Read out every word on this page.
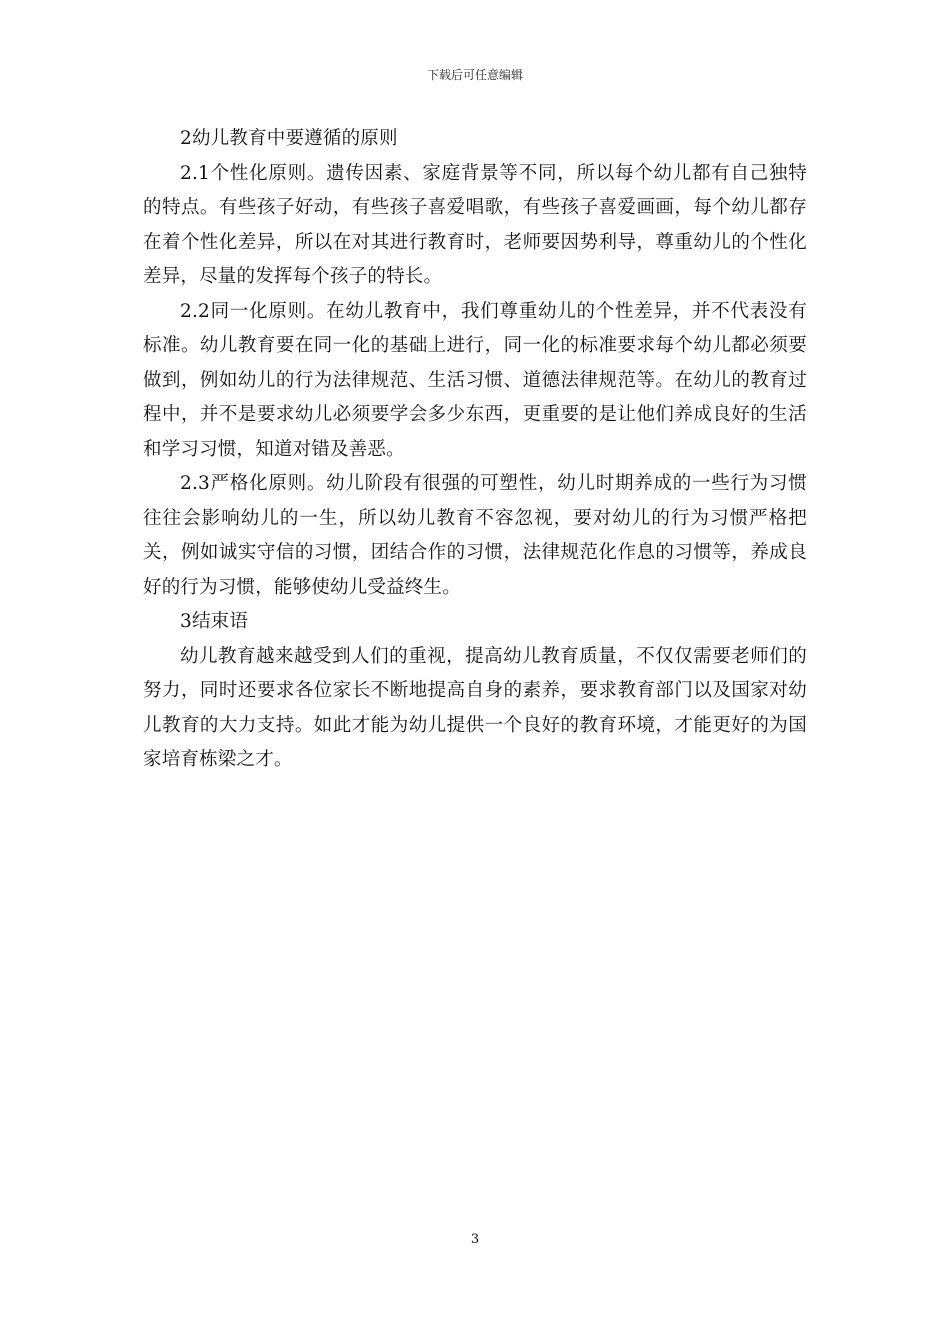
下载后可任意编辑

2幼儿教育中要遵循的原则

2.1个性化原则。遗传因素、家庭背景等不同，所以每个幼儿都有自己独特的特点。有些孩子好动，有些孩子喜爱唱歌，有些孩子喜爱画画，每个幼儿都存在着个性化差异，所以在对其进行教育时，老师要因势利导，尊重幼儿的个性化差异，尽量的发挥每个孩子的特长。

2.2同一化原则。在幼儿教育中，我们尊重幼儿的个性差异，并不代表没有标准。幼儿教育要在同一化的基础上进行，同一化的标准要求每个幼儿都必须要做到，例如幼儿的行为法律规范、生活习惯、道德法律规范等。在幼儿的教育过程中，并不是要求幼儿必须要学会多少东西，更重要的是让他们养成良好的生活和学习习惯，知道对错及善恶。

2.3严格化原则。幼儿阶段有很强的可塑性，幼儿时期养成的一些行为习惯往往会影响幼儿的一生，所以幼儿教育不容忽视，要对幼儿的行为习惯严格把关，例如诚实守信的习惯，团结合作的习惯，法律规范化作息的习惯等，养成良好的行为习惯，能够使幼儿受益终生。

3结束语

幼儿教育越来越受到人们的重视，提高幼儿教育质量，不仅仅需要老师们的努力，同时还要求各位家长不断地提高自身的素养，要求教育部门以及国家对幼儿教育的大力支持。如此才能为幼儿提供一个良好的教育环境，才能更好的为国家培育栋梁之才。

3
